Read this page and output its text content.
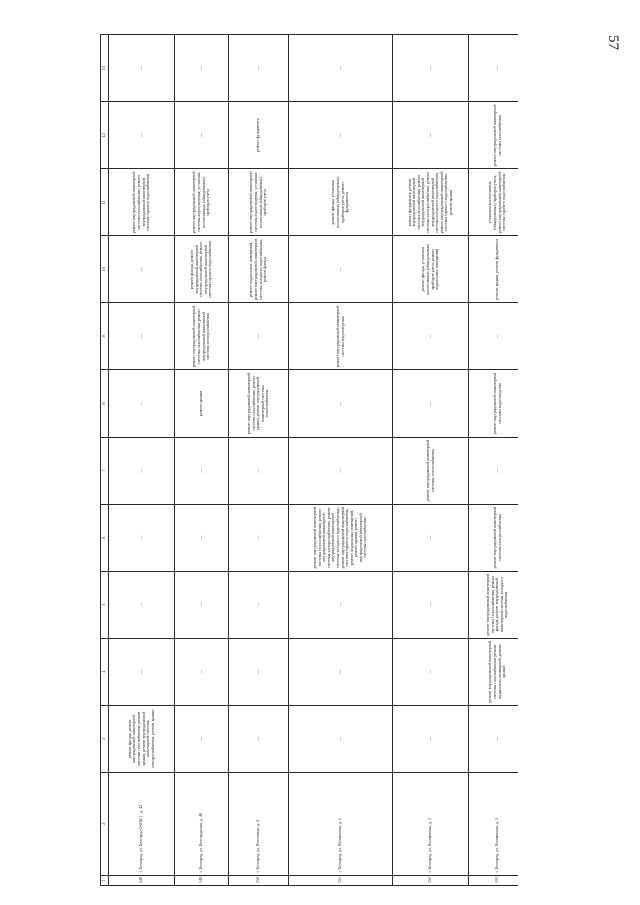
57
1	2	3	4	5	6	7	8	9	10	11	12	13
148	г. Белгород, ул. Белгород ОАО(С) , д. 42	ремонт фасада, ремонт внутридомовой инженерной системы газоснабжения, ремонт крыши, ремонт внутридомовой инженерной системы электроснабжения, ремонт крыши	—	—	—	—	—	—	—	ремонт внутридомовой инженерной системы газоснабжения, ремонт внутридомовой инженерной системы горячего водоснабжения	—	—
149	г. Белгород, ул. Белгородская, д. 48	—	—	—	—	—	ремонт крыши	ремонт внутридомовой инженерной системы газоснабжения, ремонт внутридомовой инженерной системы электроснабжения	ремонт фасада, ремонт внутридомовой инженерной системы газоснабжения, ремонт внутридомовой инженерной системы горячего водоснабжения	ремонт внутридомовой инженерной системы водоотведения, установка коллективных (общедомовых) приборов учета	—	—
150	г. Белгород, ул. Восточная, д. 4	—	—	—	—	—	ремонт внутридомовой инженерной системы газоснабжения, ремонт крыши, ремонт внутридомовой инженерной системы теплоснабжения	—	ремонт подвальных помещений, ремонт внутридомовой инженерной системы холодного водоснабжения, ремонт фасада	ремонт внутридомовой инженерной системы водоотведения, установка коллективных (общедомовых) приборов учета	ремонт фундамента	—
151	г. Белгород, ул. Волчанская, д. 1	—	—	—	ремонт внутридомовой инженерной системы теплоснабжения, ремонт внутридомовой инженерной системы электроснабжения, ремонт внутридомовой инженерной системы холодного водоснабжения, ремонт внутридомовой инженерной системы горячего водоснабжения, ремонт подвальных помещений, ремонт крыши, ремонт внутридомовой инженерной системы газоснабжения	—	—	ремонт внутридомовой инженерной системы водоотведения	—	ремонт фасада, установка коллективных (общедомовых) приборов учета, ремонт фундамента	—	—
152	г. Белгород, ул. Волчанская, д. 3	—	—	—	—	ремонт внутридомовой инженерной системы теплоснабжения	—	—	ремонт фасада, установка коллективных (общедомовых) приборов учета, ремонт подвальных помещений	ремонт фундамента, ремонт внутридомовой инженерной системы газоснабжения, ремонт внутридомовой инженерной системы электроснабжения, ремонт внутридомовой инженерной системы холодного водоснабжения, ремонт внутридомовой инженерной системы горячего водоснабжения, ремонт крыши	—	—
153	г. Белгород, ул. Волчанская, д. 5	—	ремонт внутридомовой инженерной системы газоснабжения, ремонт подвальных помещений, ремонт крыши	ремонт внутридомовой инженерной системы теплоснабжения, ремонт фасада, ремонт внутридомовой инженерной системы холодного водоснабжения	ремонт внутридомовой инженерной системы электроснабжения	—	ремонт внутридомовой инженерной системы водоотведения	—	ремонт крыши, ремонт фундамента	установка коллективных (общедомовых) приборов учета, ремонт внутридомовой инженерной системы горячего водоснабжения	ремонт внутридомовой инженерной системы газоснабжения	—
